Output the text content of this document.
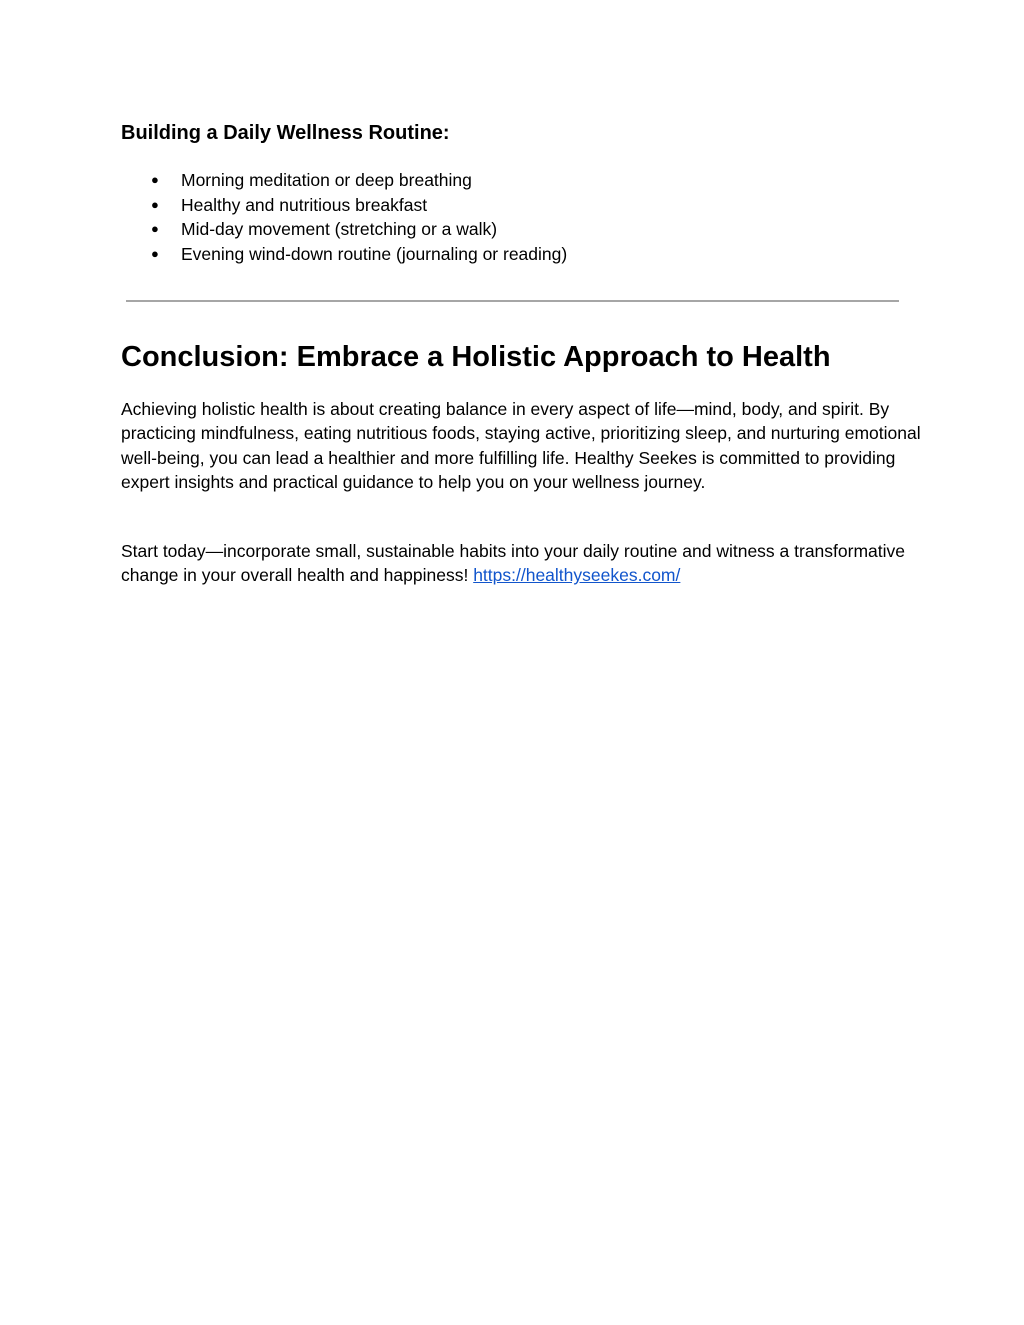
Building a Daily Wellness Routine:
● Morning meditation or deep breathing
● Healthy and nutritious breakfast
● Mid-day movement (stretching or a walk)
● Evening wind-down routine (journaling or reading)
Conclusion: Embrace a Holistic Approach to Health

Achieving holistic health is about creating balance in every aspect of life—mind, body, and spirit. By practicing mindfulness, eating nutritious foods, staying active, prioritizing sleep, and nurturing emotional well-being, you can lead a healthier and more fulfilling life. Healthy Seekes is committed to providing expert insights and practical guidance to help you on your wellness journey.

Start today—incorporate small, sustainable habits into your daily routine and witness a transformative change in your overall health and happiness! https://healthyseekes.com/
